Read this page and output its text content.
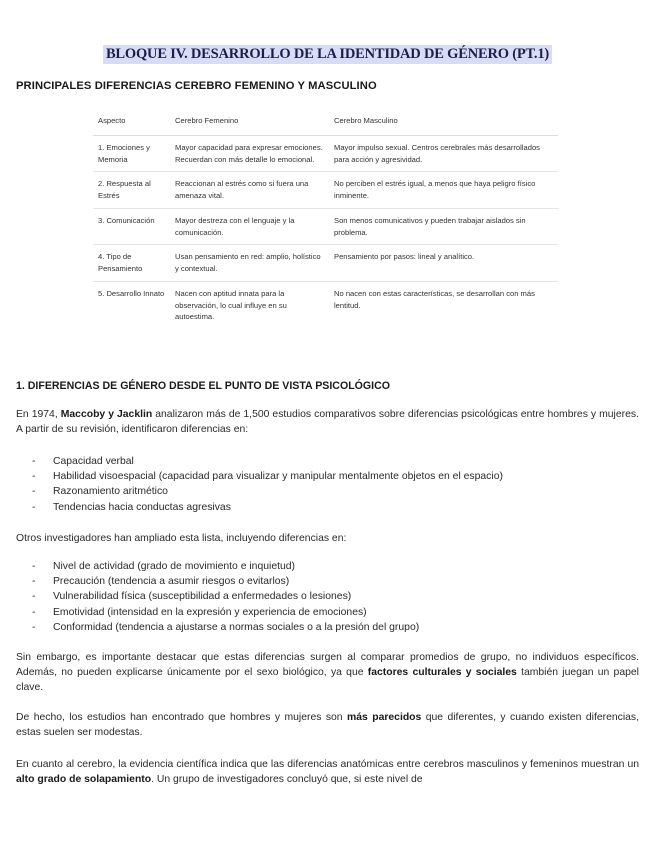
BLOQUE IV. DESARROLLO DE LA IDENTIDAD DE GÉNERO (PT.1)
PRINCIPALES DIFERENCIAS CEREBRO FEMENINO Y MASCULINO
Aspecto	Cerebro Femenino	Cerebro Masculino
1. Emociones y Memoria	Mayor capacidad para expresar emociones. Recuerdan con más detalle lo emocional.	Mayor impulso sexual. Centros cerebrales más desarrollados para acción y agresividad.
2. Respuesta al Estrés	Reaccionan al estrés como si fuera una amenaza vital.	No perciben el estrés igual, a menos que haya peligro físico inminente.
3. Comunicación	Mayor destreza con el lenguaje y la comunicación.	Son menos comunicativos y pueden trabajar aislados sin problema.
4. Tipo de Pensamiento	Usan pensamiento en red: amplio, holístico y contextual.	Pensamiento por pasos: lineal y analítico.
5. Desarrollo Innato	Nacen con aptitud innata para la observación, lo cual influye en su autoestima.	No nacen con estas características, se desarrollan con más lentitud.
1. DIFERENCIAS DE GÉNERO DESDE EL PUNTO DE VISTA PSICOLÓGICO

En 1974, Maccoby y Jacklin analizaron más de 1,500 estudios comparativos sobre diferencias psicológicas entre hombres y mujeres. A partir de su revisión, identificaron diferencias en:

- Capacidad verbal
- Habilidad visoespacial (capacidad para visualizar y manipular mentalmente objetos en el espacio)
- Razonamiento aritmético
- Tendencias hacia conductas agresivas

Otros investigadores han ampliado esta lista, incluyendo diferencias en:

- Nivel de actividad (grado de movimiento e inquietud)
- Precaución (tendencia a asumir riesgos o evitarlos)
- Vulnerabilidad física (susceptibilidad a enfermedades o lesiones)
- Emotividad (intensidad en la expresión y experiencia de emociones)
- Conformidad (tendencia a ajustarse a normas sociales o a la presión del grupo)

Sin embargo, es importante destacar que estas diferencias surgen al comparar promedios de grupo, no individuos específicos. Además, no pueden explicarse únicamente por el sexo biológico, ya que factores culturales y sociales también juegan un papel clave.

De hecho, los estudios han encontrado que hombres y mujeres son más parecidos que diferentes, y cuando existen diferencias, estas suelen ser modestas.

En cuanto al cerebro, la evidencia científica indica que las diferencias anatómicas entre cerebros masculinos y femeninos muestran un alto grado de solapamiento. Un grupo de investigadores concluyó que, si este nivel de
